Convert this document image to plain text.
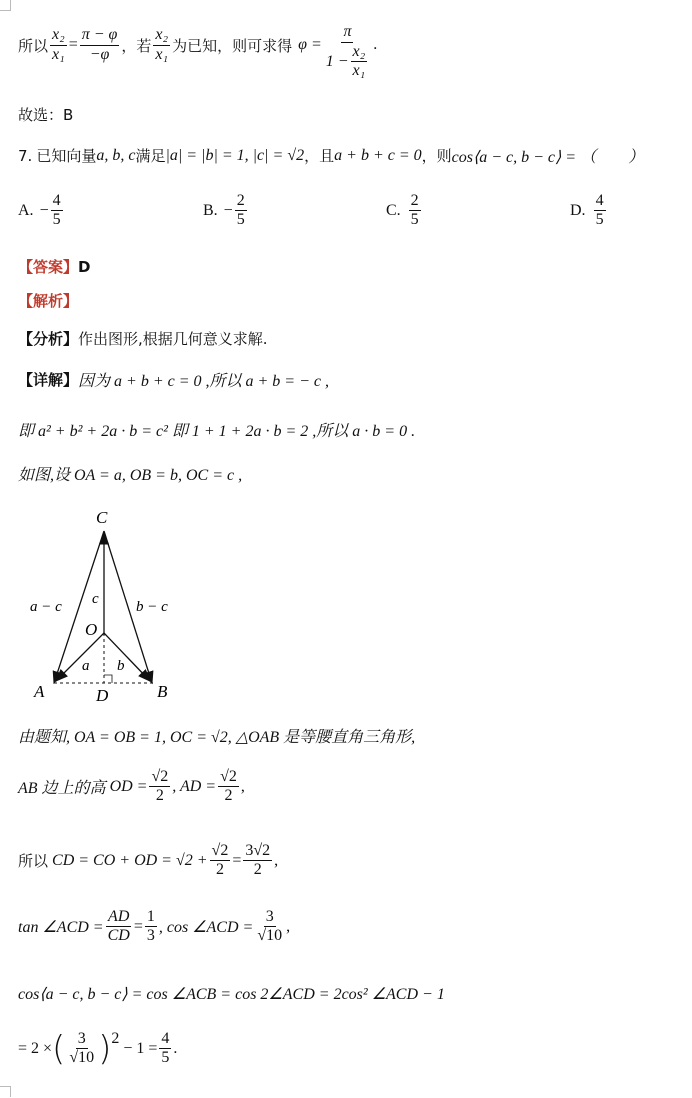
所以 $\frac{\text{x₂}}{\text{x₁}} = \frac{\pi - \varphi}{-\varphi}$ ，若 $\frac{\text{x₂}}{\text{x₁}}$ 为已知，则可求得 $\varphi = \frac{\pi}{1 - \frac{\text{x₂}}{\text{x₁}}}$ .
故选：B
7. 已知向量 a, b, c 满足 |a| = |b| = 1, |c| = √2 ，且 a + b + c = 0 ，则 cos⟨a − c, b − c⟩ = （　　）
A. − $\frac{4}{5}$	B. − $\frac{2}{5}$	C. $\frac{2}{5}$	D. $\frac{4}{5}$
【答案】 D
【解析】
【分析】 作出图形,根据几何意义求解.
【详解】 因为 a + b + c = 0 ,所以 a + b = − c ,
即 a² + b² + 2a · b = c² 即 1 + 1 + 2a · b = 2 ,所以 a · b = 0 .
如图,设 OA = a, OB = b, OC = c ,
C
O
A	B
D
a − c	b − c
c
a b
由题知, OA = OB = 1, OC = √2, △OAB 是等腰直角三角形,
AB 边上的高 OD = $\frac{√2}{2}$ , AD = $\frac{√2}{2}$ ,
所以 CD = CO + OD = $√2 + \frac{√2}{2} = \frac{3√2}{2}$ ,
tan ∠ACD = $\frac{AD}{CD} = \frac{1}{3}$ , cos ∠ACD = $\frac{3}{√10}$ ,
cos⟨a − c, b − c⟩ = cos ∠ACB = cos 2∠ACD = 2cos² ∠ACD − 1
= 2 × ( $\frac{3}{√10}$ ) 2
− $1 = \frac{4}{5}$ .
